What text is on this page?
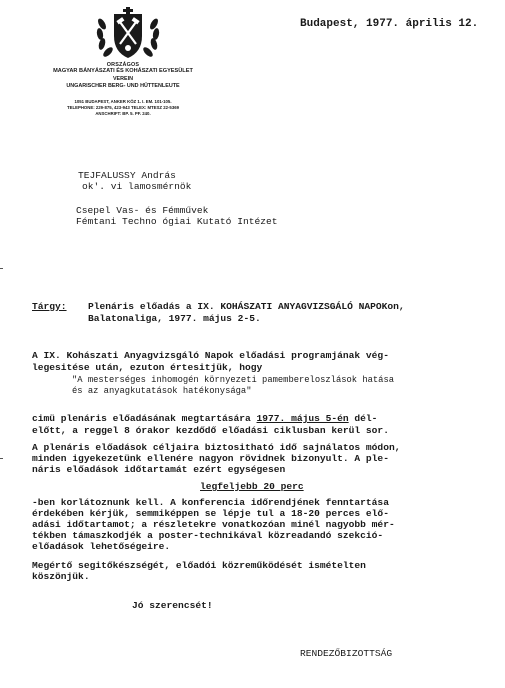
Budapest, 1977. április 12.
ORSZÁGOS
MAGYAR BÁNYÁSZATI ÉS KOHÁSZATI EGYESÜLET
VEREIN
UNGARISCHER BERG- UND HÜTTENLEUTE
1051 BUDAPEST, ANKER KÖZ 1. I. EM. 101-105.
TELEPHONE: 229-875, 423-943 TELEX: MTESZ 22-5369
ANSCHRIFT: BP. 5. PF. 240.
TEJFALUSSY András
ok'. vi lamosmérnök
Csepel Vas- és Fémművek
Fémtani Techno ógiai Kutató Intézet
Tárgy: Plenáris előadás a IX. KOHÁSZATI ANYAGVIZSGÁLÓ NAPOKon,
Balatonaliga, 1977. május 2-5.
A IX. Kohászati Anyagvizsgáló Napok előadási programjának vég-
legesitése után, ezuton értesitjük, hogy
"A mesterséges inhomogén környezeti pamembereloszlások hatása
és az anyagkutatások hatékonysága"
cimü plenáris előadásának megtartására 1977. május 5-én dél-
előtt, a reggel 8 órakor kezdődő előadási ciklusban kerül sor.
A plenáris előadások céljaira biztositható idő sajnálatos módon,
minden igyekezetünk ellenére nagyon rövidnek bizonyult. A ple-
náris előadások időtartamát ezért egységesen
legfeljebb 20 perc
-ben korlátoznunk kell. A konferencia időrendjének fenntartása
érdekében kérjük, semmiképpen se lépje tul a 18-20 perces elő-
adási időtartamot; a részletekre vonatkozóan minél nagyobb mér-
tékben támaszkodjék a poster-technikával közreadandó szekció-
előadások lehetőségeire.
Megértő segitőkészségét, előadói közreműködését ismételten
köszönjük.
Jó szerencsét!
RENDEZŐBIZOTTSÁG
